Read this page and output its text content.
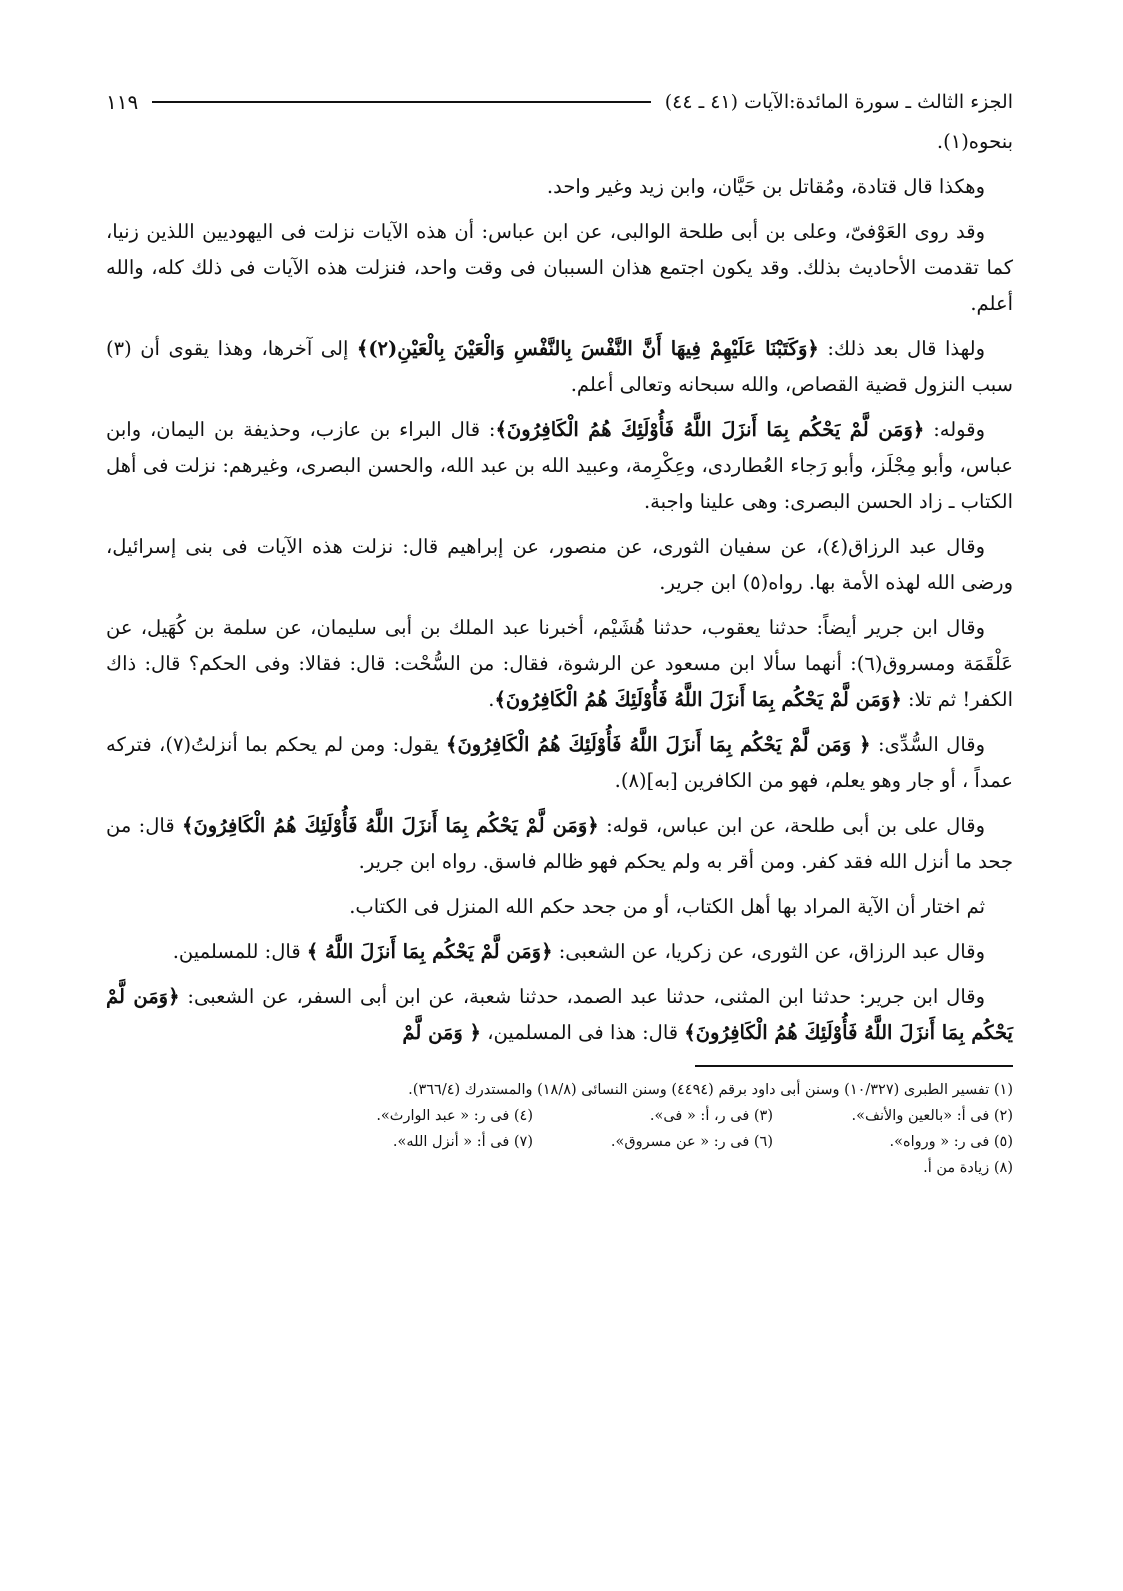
الجزء الثالث ـ سورة المائدة:الآيات (٤١ ـ ٤٤)
١١٩

بنحوه(١).

وهكذا قال قتادة، ومُقاتل بن حَيَّان، وابن زيد وغير واحد.

وقد روى العَوْفىّ، وعلى بن أبى طلحة الوالبى، عن ابن عباس: أن هذه الآيات نزلت فى اليهوديين اللذين زنيا، كما تقدمت الأحاديث بذلك. وقد يكون اجتمع هذان السببان فى وقت واحد، فنزلت هذه الآيات فى ذلك كله، والله أعلم.

ولهذا قال بعد ذلك: ﴿وَكَتَبْنَا عَلَيْهِمْ فِيهَا أَنَّ النَّفْسَ بِالنَّفْسِ وَالْعَيْنَ بِالْعَيْنِ(٢)﴾ إلى آخرها، وهذا يقوى أن (٣) سبب النزول قضية القصاص، والله سبحانه وتعالى أعلم.

وقوله: ﴿وَمَن لَّمْ يَحْكُم بِمَا أَنزَلَ اللَّهُ فَأُوْلَئِكَ هُمُ الْكَافِرُونَ﴾: قال البراء بن عازب، وحذيفة بن اليمان، وابن عباس، وأبو مِجْلَز، وأبو رَجاء العُطاردى، وعِكْرِمة، وعبيد الله بن عبد الله، والحسن البصرى، وغيرهم: نزلت فى أهل الكتاب ـ زاد الحسن البصرى: وهى علينا واجبة.

وقال عبد الرزاق(٤)، عن سفيان الثورى، عن منصور، عن إبراهيم قال: نزلت هذه الآيات فى بنى إسرائيل، ورضى الله لهذه الأمة بها. رواه(٥) ابن جرير.

وقال ابن جرير أيضاً: حدثنا يعقوب، حدثنا هُشَيْم، أخبرنا عبد الملك بن أبى سليمان، عن سلمة بن كُهَيل، عن عَلْقَمَة ومسروق(٦): أنهما سألا ابن مسعود عن الرشوة، فقال: من السُّحْت: قال: فقالا: وفى الحكم؟ قال: ذاك الكفر! ثم تلا: ﴿وَمَن لَّمْ يَحْكُم بِمَا أَنزَلَ اللَّهُ فَأُوْلَئِكَ هُمُ الْكَافِرُونَ﴾.

وقال السُّدِّى: ﴿ وَمَن لَّمْ يَحْكُم بِمَا أَنزَلَ اللَّهُ فَأُوْلَئِكَ هُمُ الْكَافِرُونَ﴾ يقول: ومن لم يحكم بما أنزلتُ(٧)، فتركه عمداً ، أو جار وهو يعلم، فهو من الكافرين [به](٨).

وقال على بن أبى طلحة، عن ابن عباس، قوله: ﴿وَمَن لَّمْ يَحْكُم بِمَا أَنزَلَ اللَّهُ فَأُوْلَئِكَ هُمُ الْكَافِرُونَ﴾ قال: من جحد ما أنزل الله فقد كفر. ومن أقر به ولم يحكم فهو ظالم فاسق. رواه ابن جرير.

ثم اختار أن الآية المراد بها أهل الكتاب، أو من جحد حكم الله المنزل فى الكتاب.

وقال عبد الرزاق، عن الثورى، عن زكريا، عن الشعبى: ﴿وَمَن لَّمْ يَحْكُم بِمَا أَنزَلَ اللَّهُ ﴾ قال: للمسلمين.

وقال ابن جرير: حدثنا ابن المثنى، حدثنا عبد الصمد، حدثنا شعبة، عن ابن أبى السفر، عن الشعبى: ﴿وَمَن لَّمْ يَحْكُم بِمَا أَنزَلَ اللَّهُ فَأُوْلَئِكَ هُمُ الْكَافِرُونَ﴾ قال: هذا فى المسلمين، ﴿ وَمَن لَّمْ

(١) تفسير الطبرى (١٠/٣٢٧) وسنن أبى داود برقم (٤٤٩٤) وسنن النسائى (١٨/٨) والمستدرك (٣٦٦/٤).
(٢) فى أ: «بالعين والأنف».
(٣) فى ر، أ: « فى».
(٤) فى ر: « عبد الوارث».
(٥) فى ر: « ورواه».
(٦) فى ر: « عن مسروق».
(٧) فى أ: « أنزل الله».
(٨) زيادة من أ.
